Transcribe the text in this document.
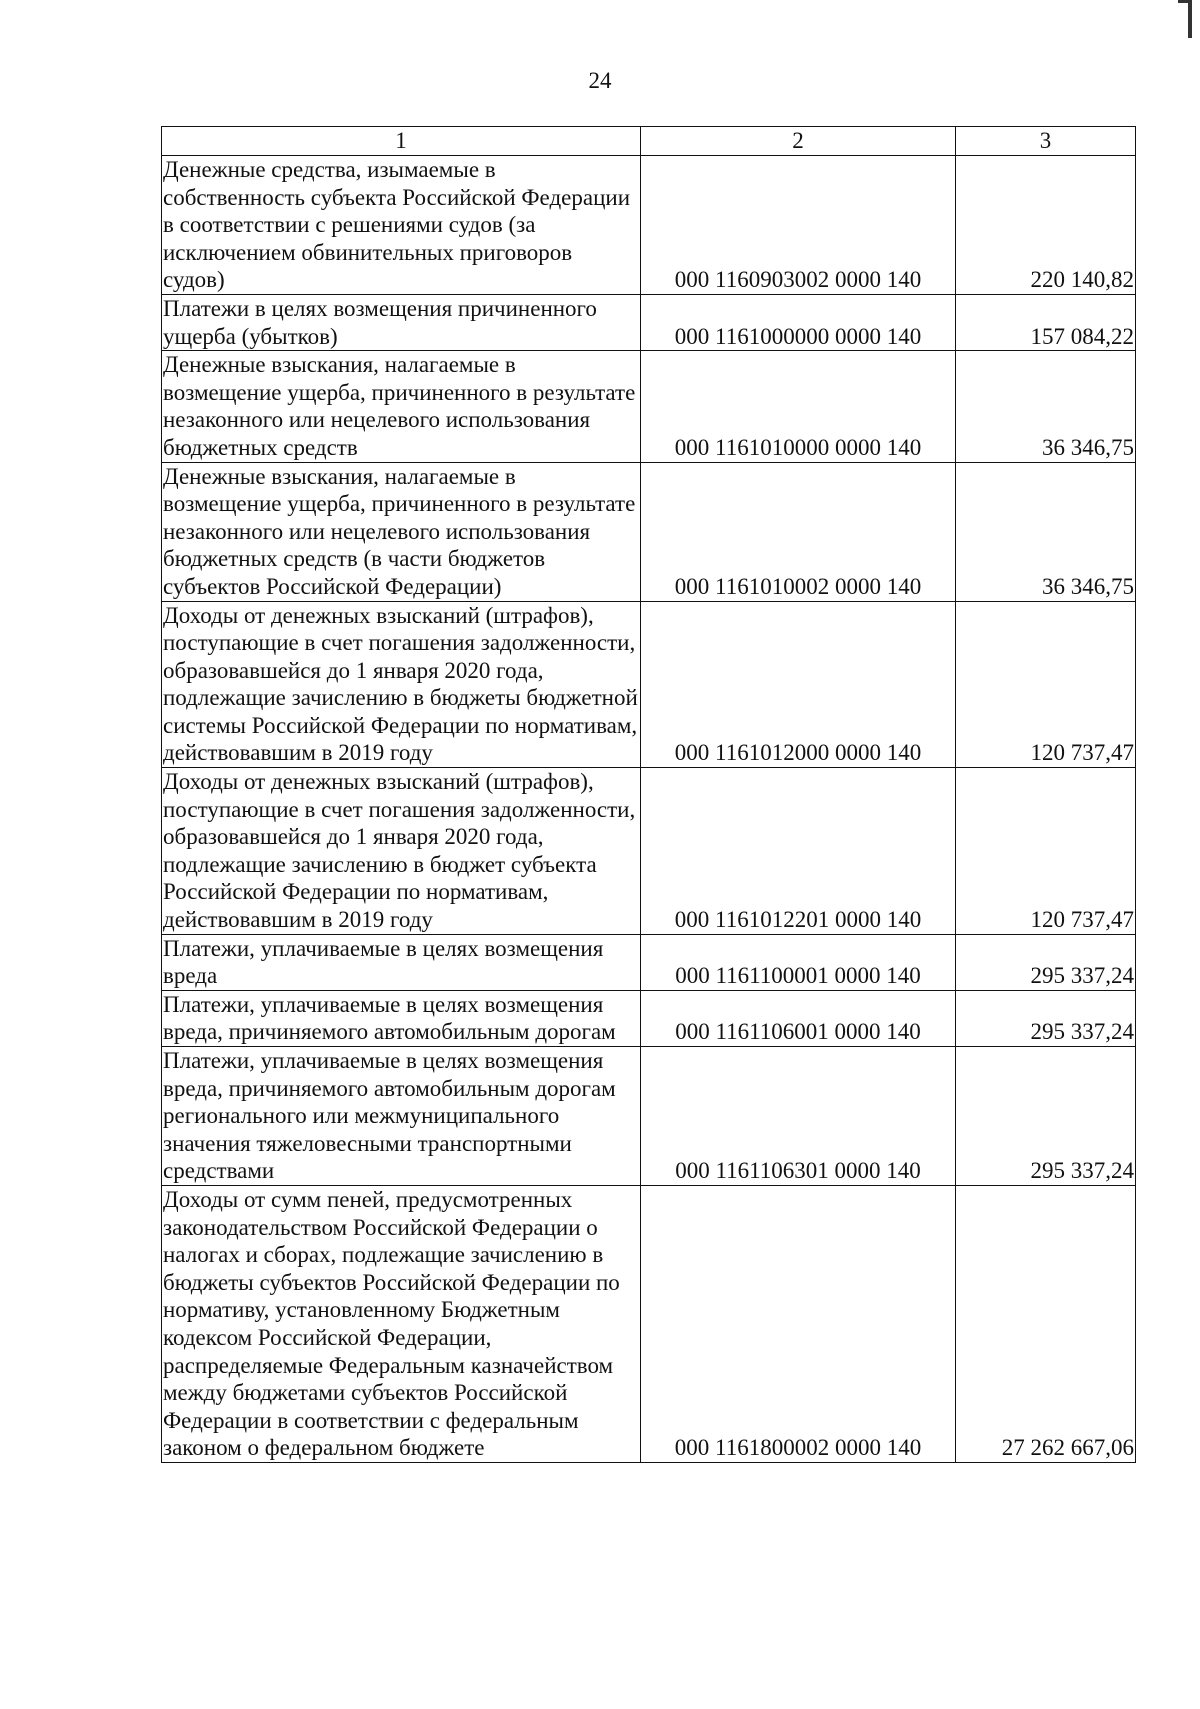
24
1	2	3
Денежные средства, изымаемые в собственность субъекта Российской Федерации в соответствии с решениями судов (за исключением обвинительных приговоров судов)	000 1160903002 0000 140	220 140,82
Платежи в целях возмещения причиненного ущерба (убытков)	000 1161000000 0000 140	157 084,22
Денежные взыскания, налагаемые в возмещение ущерба, причиненного в результате незаконного или нецелевого использования бюджетных средств	000 1161010000 0000 140	36 346,75
Денежные взыскания, налагаемые в возмещение ущерба, причиненного в результате незаконного или нецелевого использования бюджетных средств (в части бюджетов субъектов Российской Федерации)	000 1161010002 0000 140	36 346,75
Доходы от денежных взысканий (штрафов), поступающие в счет погашения задолженности, образовавшейся до 1 января 2020 года, подлежащие зачислению в бюджеты бюджетной системы Российской Федерации по нормативам, действовавшим в 2019 году	000 1161012000 0000 140	120 737,47
Доходы от денежных взысканий (штрафов), поступающие в счет погашения задолженности, образовавшейся до 1 января 2020 года, подлежащие зачислению в бюджет субъекта Российской Федерации по нормативам, действовавшим в 2019 году	000 1161012201 0000 140	120 737,47
Платежи, уплачиваемые в целях возмещения вреда	000 1161100001 0000 140	295 337,24
Платежи, уплачиваемые в целях возмещения вреда, причиняемого автомобильным дорогам	000 1161106001 0000 140	295 337,24
Платежи, уплачиваемые в целях возмещения вреда, причиняемого автомобильным дорогам регионального или межмуниципального значения тяжеловесными транспортными средствами	000 1161106301 0000 140	295 337,24
Доходы от сумм пеней, предусмотренных законодательством Российской Федерации о налогах и сборах, подлежащие зачислению в бюджеты субъектов Российской Федерации по нормативу, установленному Бюджетным кодексом Российской Федерации, распределяемые Федеральным казначейством между бюджетами субъектов Российской Федерации в соответствии с федеральным законом о федеральном бюджете	000 1161800002 0000 140	27 262 667,06
